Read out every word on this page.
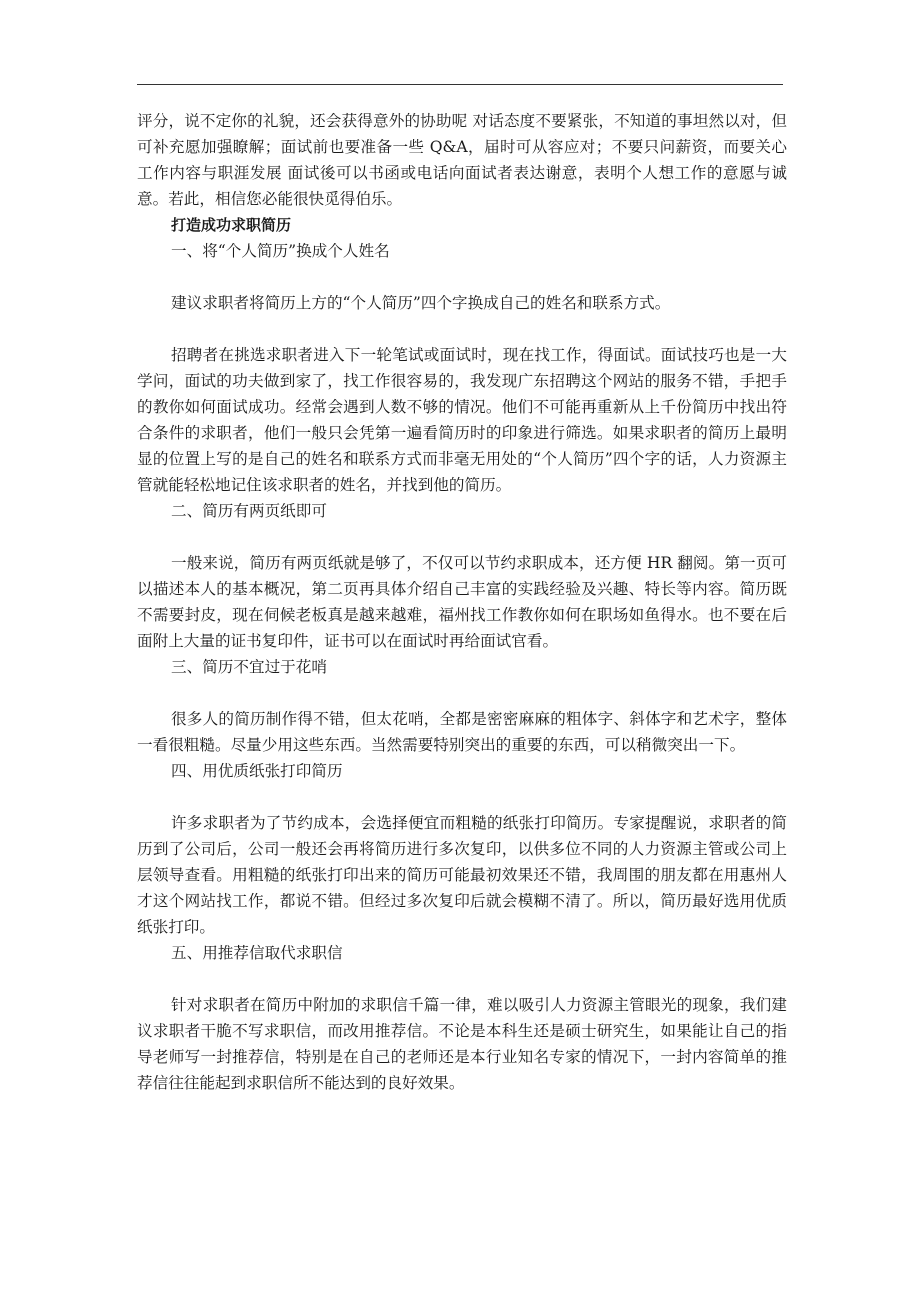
评分，说不定你的礼貌，还会获得意外的协助呢 对话态度不要紧张，不知道的事坦然以对，但可补充愿加强瞭解；面试前也要准备一些 Q&A，届时可从容应对；不要只问薪资，而要关心工作内容与职涯发展 面试後可以书函或电话向面试者表达谢意，表明个人想工作的意愿与诚意。若此，相信您必能很快觅得伯乐。

打造成功求职简历

一、将“个人简历”换成个人姓名

建议求职者将简历上方的“个人简历”四个字换成自己的姓名和联系方式。

招聘者在挑选求职者进入下一轮笔试或面试时，现在找工作，得面试。面试技巧也是一大学问，面试的功夫做到家了，找工作很容易的，我发现广东招聘这个网站的服务不错，手把手的教你如何面试成功。经常会遇到人数不够的情况。他们不可能再重新从上千份简历中找出符合条件的求职者，他们一般只会凭第一遍看简历时的印象进行筛选。如果求职者的简历上最明显的位置上写的是自己的姓名和联系方式而非毫无用处的“个人简历”四个字的话，人力资源主管就能轻松地记住该求职者的姓名，并找到他的简历。

二、简历有两页纸即可

一般来说，简历有两页纸就是够了，不仅可以节约求职成本，还方便 HR 翻阅。第一页可以描述本人的基本概况，第二页再具体介绍自己丰富的实践经验及兴趣、特长等内容。简历既不需要封皮，现在伺候老板真是越来越难，福州找工作教你如何在职场如鱼得水。也不要在后面附上大量的证书复印件，证书可以在面试时再给面试官看。

三、简历不宜过于花哨

很多人的简历制作得不错，但太花哨，全都是密密麻麻的粗体字、斜体字和艺术字，整体一看很粗糙。尽量少用这些东西。当然需要特别突出的重要的东西，可以稍微突出一下。

四、用优质纸张打印简历

许多求职者为了节约成本，会选择便宜而粗糙的纸张打印简历。专家提醒说，求职者的简历到了公司后，公司一般还会再将简历进行多次复印，以供多位不同的人力资源主管或公司上层领导查看。用粗糙的纸张打印出来的简历可能最初效果还不错，我周围的朋友都在用惠州人才这个网站找工作，都说不错。但经过多次复印后就会模糊不清了。所以，简历最好选用优质纸张打印。

五、用推荐信取代求职信

针对求职者在简历中附加的求职信千篇一律，难以吸引人力资源主管眼光的现象，我们建议求职者干脆不写求职信，而改用推荐信。不论是本科生还是硕士研究生，如果能让自己的指导老师写一封推荐信，特别是在自己的老师还是本行业知名专家的情况下，一封内容简单的推荐信往往能起到求职信所不能达到的良好效果。
